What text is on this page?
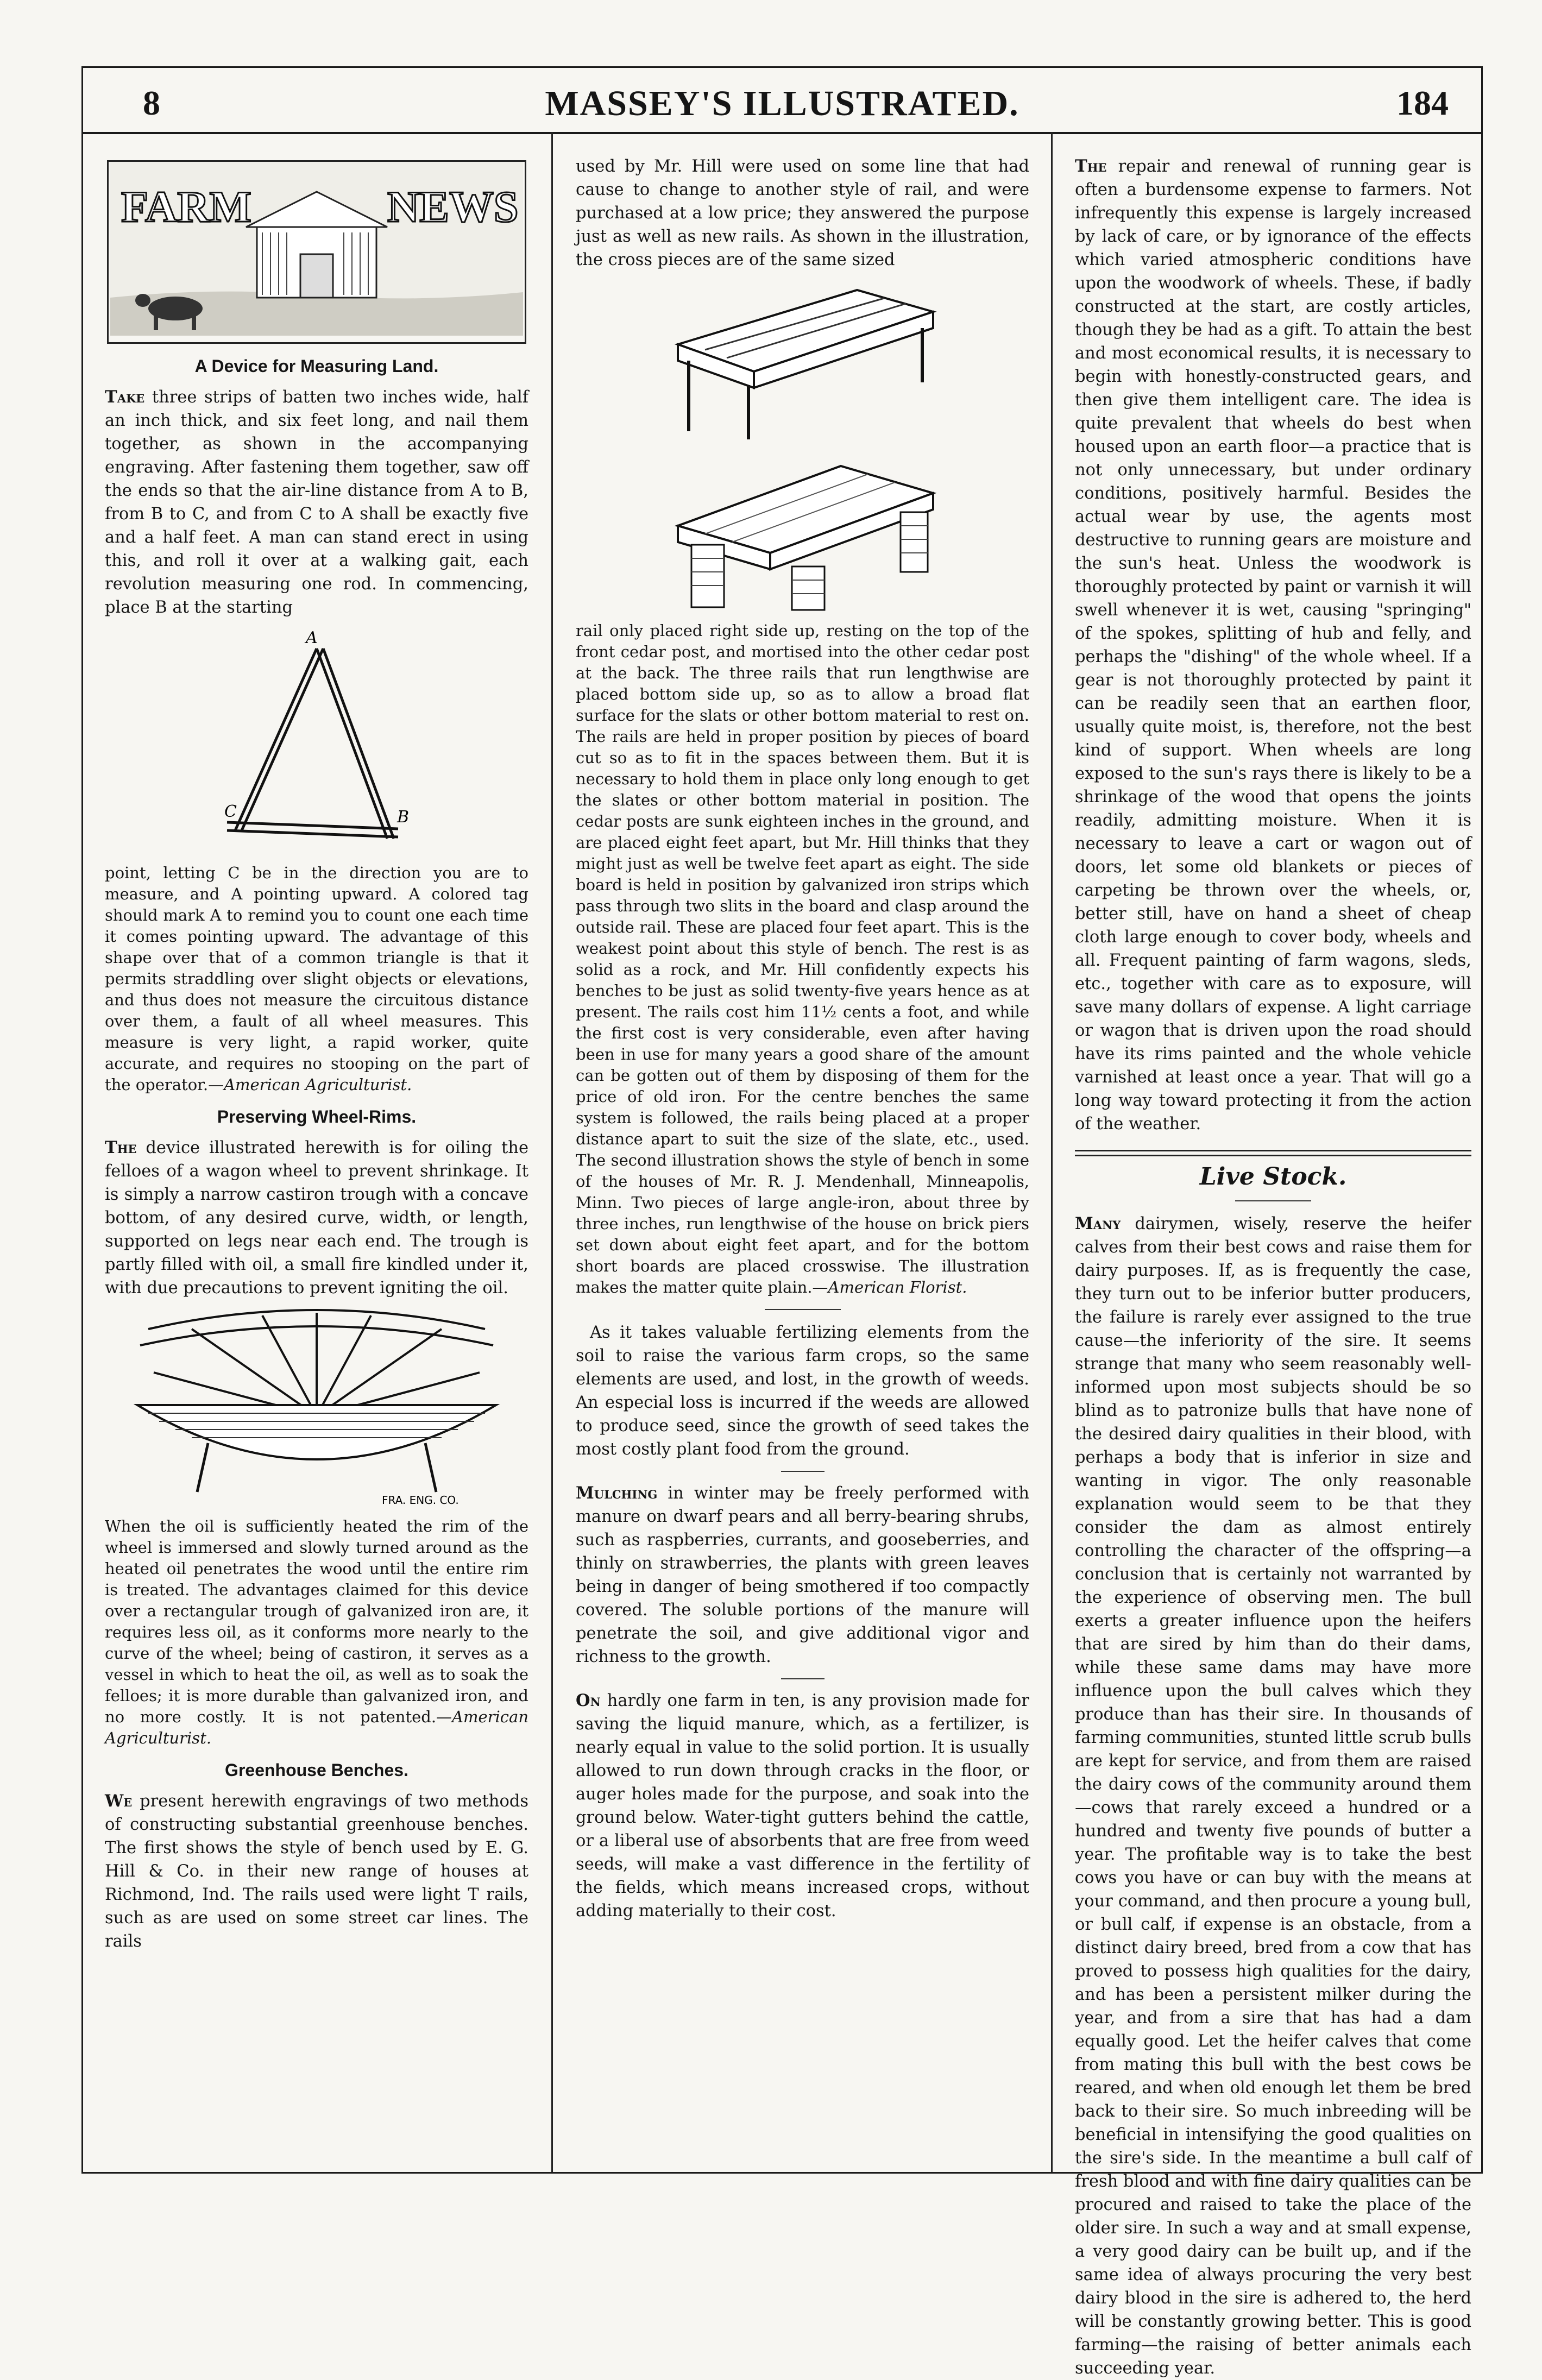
8	MASSEY'S ILLUSTRATED.	184
FARM	NEWS
A Device for Measuring Land.

Take three strips of batten two inches wide, half an inch thick, and six feet long, and nail them together, as shown in the accompanying engraving. After fastening them together, saw off the ends so that the air-line distance from A to B, from B to C, and from C to A shall be exactly five and a half feet. A man can stand erect in using this, and roll it over at a walking gait, each revolution measuring one rod. In commencing, place B at the starting

A
B
C

point, letting C be in the direction you are to measure, and A pointing upward. A colored tag should mark A to remind you to count one each time it comes pointing upward. The advantage of this shape over that of a common triangle is that it permits straddling over slight objects or elevations, and thus does not measure the circuitous distance over them, a fault of all wheel measures. This measure is very light, a rapid worker, quite accurate, and requires no stooping on the part of the operator.—American Agriculturist.

Preserving Wheel-Rims.

The device illustrated herewith is for oiling the felloes of a wagon wheel to prevent shrinkage. It is simply a narrow castiron trough with a concave bottom, of any desired curve, width, or length, supported on legs near each end. The trough is partly filled with oil, a small fire kindled under it, with due precautions to prevent igniting the oil.

FRA. ENG. CO.

When the oil is sufficiently heated the rim of the wheel is immersed and slowly turned around as the heated oil penetrates the wood until the entire rim is treated. The advantages claimed for this device over a rectangular trough of galvanized iron are, it requires less oil, as it conforms more nearly to the curve of the wheel; being of castiron, it serves as a vessel in which to heat the oil, as well as to soak the felloes; it is more durable than galvanized iron, and no more costly. It is not patented.—American Agriculturist.

Greenhouse Benches.

We present herewith engravings of two methods of constructing substantial greenhouse benches. The first shows the style of bench used by E. G. Hill & Co. in their new range of houses at Richmond, Ind. The rails used were light T rails, such as are used on some street car lines. The rails

used by Mr. Hill were used on some line that had cause to change to another style of rail, and were purchased at a low price; they answered the purpose just as well as new rails. As shown in the illustration, the cross pieces are of the same sized

rail only placed right side up, resting on the top of the front cedar post, and mortised into the other cedar post at the back. The three rails that run lengthwise are placed bottom side up, so as to allow a broad flat surface for the slats or other bottom material to rest on. The rails are held in proper position by pieces of board cut so as to fit in the spaces between them. But it is necessary to hold them in place only long enough to get the slates or other bottom material in position. The cedar posts are sunk eighteen inches in the ground, and are placed eight feet apart, but Mr. Hill thinks that they might just as well be twelve feet apart as eight. The side board is held in position by galvanized iron strips which pass through two slits in the board and clasp around the outside rail. These are placed four feet apart. This is the weakest point about this style of bench. The rest is as solid as a rock, and Mr. Hill confidently expects his benches to be just as solid twenty-five years hence as at present. The rails cost him 11½ cents a foot, and while the first cost is very considerable, even after having been in use for many years a good share of the amount can be gotten out of them by disposing of them for the price of old iron. For the centre benches the same system is followed, the rails being placed at a proper distance apart to suit the size of the slate, etc., used. The second illustration shows the style of bench in some of the houses of Mr. R. J. Mendenhall, Minneapolis, Minn. Two pieces of large angle-iron, about three by three inches, run lengthwise of the house on brick piers set down about eight feet apart, and for the bottom short boards are placed crosswise. The illustration makes the matter quite plain.—American Florist.

As it takes valuable fertilizing elements from the soil to raise the various farm crops, so the same elements are used, and lost, in the growth of weeds. An especial loss is incurred if the weeds are allowed to produce seed, since the growth of seed takes the most costly plant food from the ground.

Mulching in winter may be freely performed with manure on dwarf pears and all berry-bearing shrubs, such as raspberries, currants, and gooseberries, and thinly on strawberries, the plants with green leaves being in danger of being smothered if too compactly covered. The soluble portions of the manure will penetrate the soil, and give additional vigor and richness to the growth.

On hardly one farm in ten, is any provision made for saving the liquid manure, which, as a fertilizer, is nearly equal in value to the solid portion. It is usually allowed to run down through cracks in the floor, or auger holes made for the purpose, and soak into the ground below. Water-tight gutters behind the cattle, or a liberal use of absorbents that are free from weed seeds, will make a vast difference in the fertility of the fields, which means increased crops, without adding materially to their cost.

The repair and renewal of running gear is often a burdensome expense to farmers. Not infrequently this expense is largely increased by lack of care, or by ignorance of the effects which varied atmospheric conditions have upon the woodwork of wheels. These, if badly constructed at the start, are costly articles, though they be had as a gift. To attain the best and most economical results, it is necessary to begin with honestly-constructed gears, and then give them intelligent care. The idea is quite prevalent that wheels do best when housed upon an earth floor—a practice that is not only unnecessary, but under ordinary conditions, positively harmful. Besides the actual wear by use, the agents most destructive to running gears are moisture and the sun's heat. Unless the woodwork is thoroughly protected by paint or varnish it will swell whenever it is wet, causing "springing" of the spokes, splitting of hub and felly, and perhaps the "dishing" of the whole wheel. If a gear is not thoroughly protected by paint it can be readily seen that an earthen floor, usually quite moist, is, therefore, not the best kind of support. When wheels are long exposed to the sun's rays there is likely to be a shrinkage of the wood that opens the joints readily, admitting moisture. When it is necessary to leave a cart or wagon out of doors, let some old blankets or pieces of carpeting be thrown over the wheels, or, better still, have on hand a sheet of cheap cloth large enough to cover body, wheels and all. Frequent painting of farm wagons, sleds, etc., together with care as to exposure, will save many dollars of expense. A light carriage or wagon that is driven upon the road should have its rims painted and the whole vehicle varnished at least once a year. That will go a long way toward protecting it from the action of the weather.

Live Stock.

Many dairymen, wisely, reserve the heifer calves from their best cows and raise them for dairy purposes. If, as is frequently the case, they turn out to be inferior butter producers, the failure is rarely ever assigned to the true cause—the inferiority of the sire. It seems strange that many who seem reasonably well-informed upon most subjects should be so blind as to patronize bulls that have none of the desired dairy qualities in their blood, with perhaps a body that is inferior in size and wanting in vigor. The only reasonable explanation would seem to be that they consider the dam as almost entirely controlling the character of the offspring—a conclusion that is certainly not warranted by the experience of observing men. The bull exerts a greater influence upon the heifers that are sired by him than do their dams, while these same dams may have more influence upon the bull calves which they produce than has their sire. In thousands of farming communities, stunted little scrub bulls are kept for service, and from them are raised the dairy cows of the community around them—cows that rarely exceed a hundred or a hundred and twenty five pounds of butter a year. The profitable way is to take the best cows you have or can buy with the means at your command, and then procure a young bull, or bull calf, if expense is an obstacle, from a distinct dairy breed, bred from a cow that has proved to possess high qualities for the dairy, and has been a persistent milker during the year, and from a sire that has had a dam equally good. Let the heifer calves that come from mating this bull with the best cows be reared, and when old enough let them be bred back to their sire. So much inbreeding will be beneficial in intensifying the good qualities on the sire's side. In the meantime a bull calf of fresh blood and with fine dairy qualities can be procured and raised to take the place of the older sire. In such a way and at small expense, a very good dairy can be built up, and if the same idea of always procuring the very best dairy blood in the sire is adhered to, the herd will be constantly growing better. This is good farming—the raising of better animals each succeeding year.
